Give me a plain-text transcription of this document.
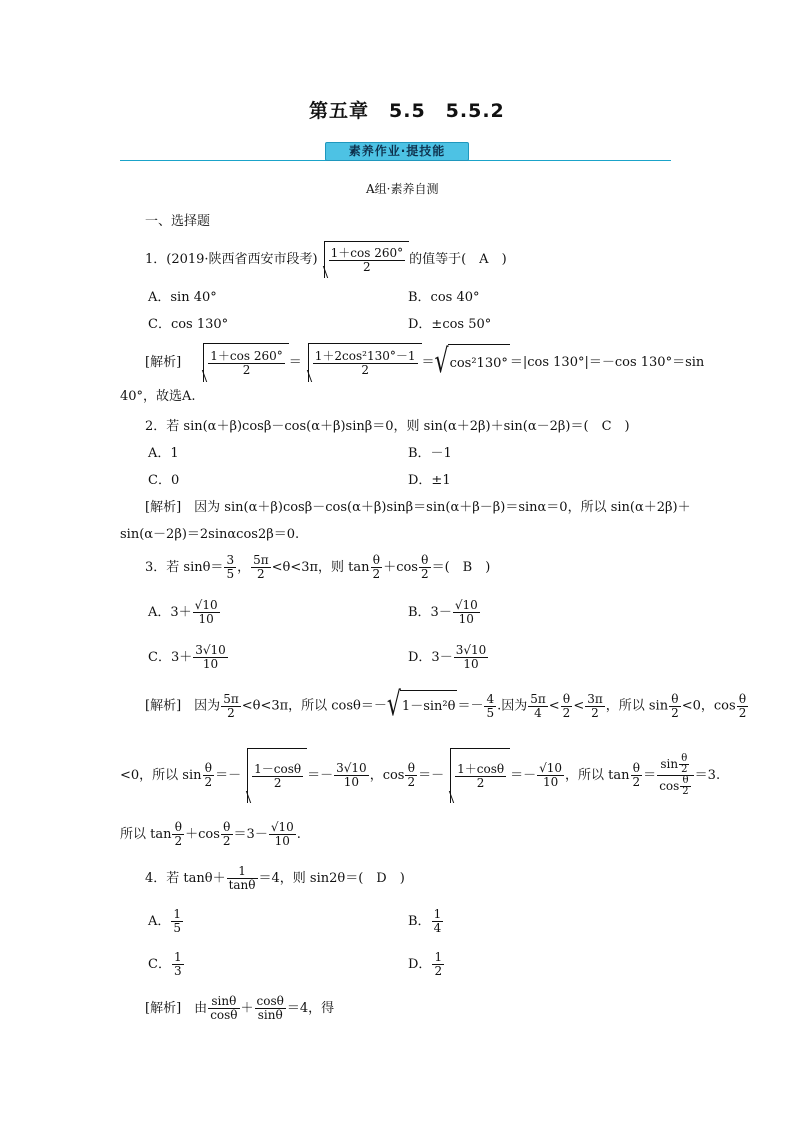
第五章　5.5　5.5.2
素养作业·提技能
A组·素养自测
一、选择题
1．(2019·陕西省西安市段考) $\frac{1+\cos 260^\circ}{2}$ 的值等于(　A　)
A．sin 40°	B．cos 40°
C．cos 130°	D．±cos 50°
[解析] $\frac{1+\cos 260^\circ}{2} = \frac{\text{1＋2cos²130°－1}}{2} =√\cos^2130^\circ =|\cos$ 130°|＝－cos 130°＝sin
40°，故选A.
2．若 sin(α＋β)cosβ－cos(α＋β)sinβ＝0，则 sin(α＋2β)＋sin(α－2β)＝(　C　)
A．1	B．－1
C．0	D．±1
[解析]　 因为 sin(α＋β)cosβ－cos(α＋β)sinβ＝sin(α＋β－β)＝sinα＝0，所以 sin(α＋2β)＋
sin(α－2β)＝2sinαcos2β＝0.
3．若 $\sin\theta= \frac{3}{5}$ ， $\frac{5\pi}{2} <\theta<3\pi$，则 $\tan \frac{\theta}{2} +\cos \frac{\theta}{2}$ ＝(　B　)
A．$3+ \frac{√10}{10}$	B．$3- \frac{√10}{10}$
C．$3+ \frac{3√10}{10}$	D．$3- \frac{3√10}{10}$
[解析]　 因为 $\frac{5\pi}{2} <\theta<3\pi$，所以 $\cos\theta=-√1-\sin^2\theta =- \frac{4}{5}$ .因为 $\frac{5\pi}{4} < \frac{\theta}{2} < \frac{3\pi}{2}$ ，所以 $\sin \frac{\theta}{2} <0$，$\cos \frac{\theta}{2}$
<0，所以 $\sin \frac{\theta}{2} =- \frac{1-\cos\theta}{2} =- \frac{3√10}{10}$ ，$\cos \frac{\theta}{2} =- \frac{1+\cos\theta}{2} =- \frac{√10}{10}$ ，所以 $\tan \frac{\theta}{2} = \frac{\sin \frac{\theta}{2}}{\cos \frac{\theta}{2}} =3$.
所以 $\tan \frac{\theta}{2} +\cos \frac{\theta}{2} =3- \frac{√10}{10}$ .
4．若 $\tan\theta+ \frac{1}{\tan\theta} =4$，则 sin2θ＝(　D　)
A． $\frac{1}{5}$	B． $\frac{1}{4}$
C． $\frac{1}{3}$	D． $\frac{1}{2}$
[解析]　 由 $\frac{\sin\theta}{\cos\theta} + \frac{\cos\theta}{\sin\theta} =4$，得
